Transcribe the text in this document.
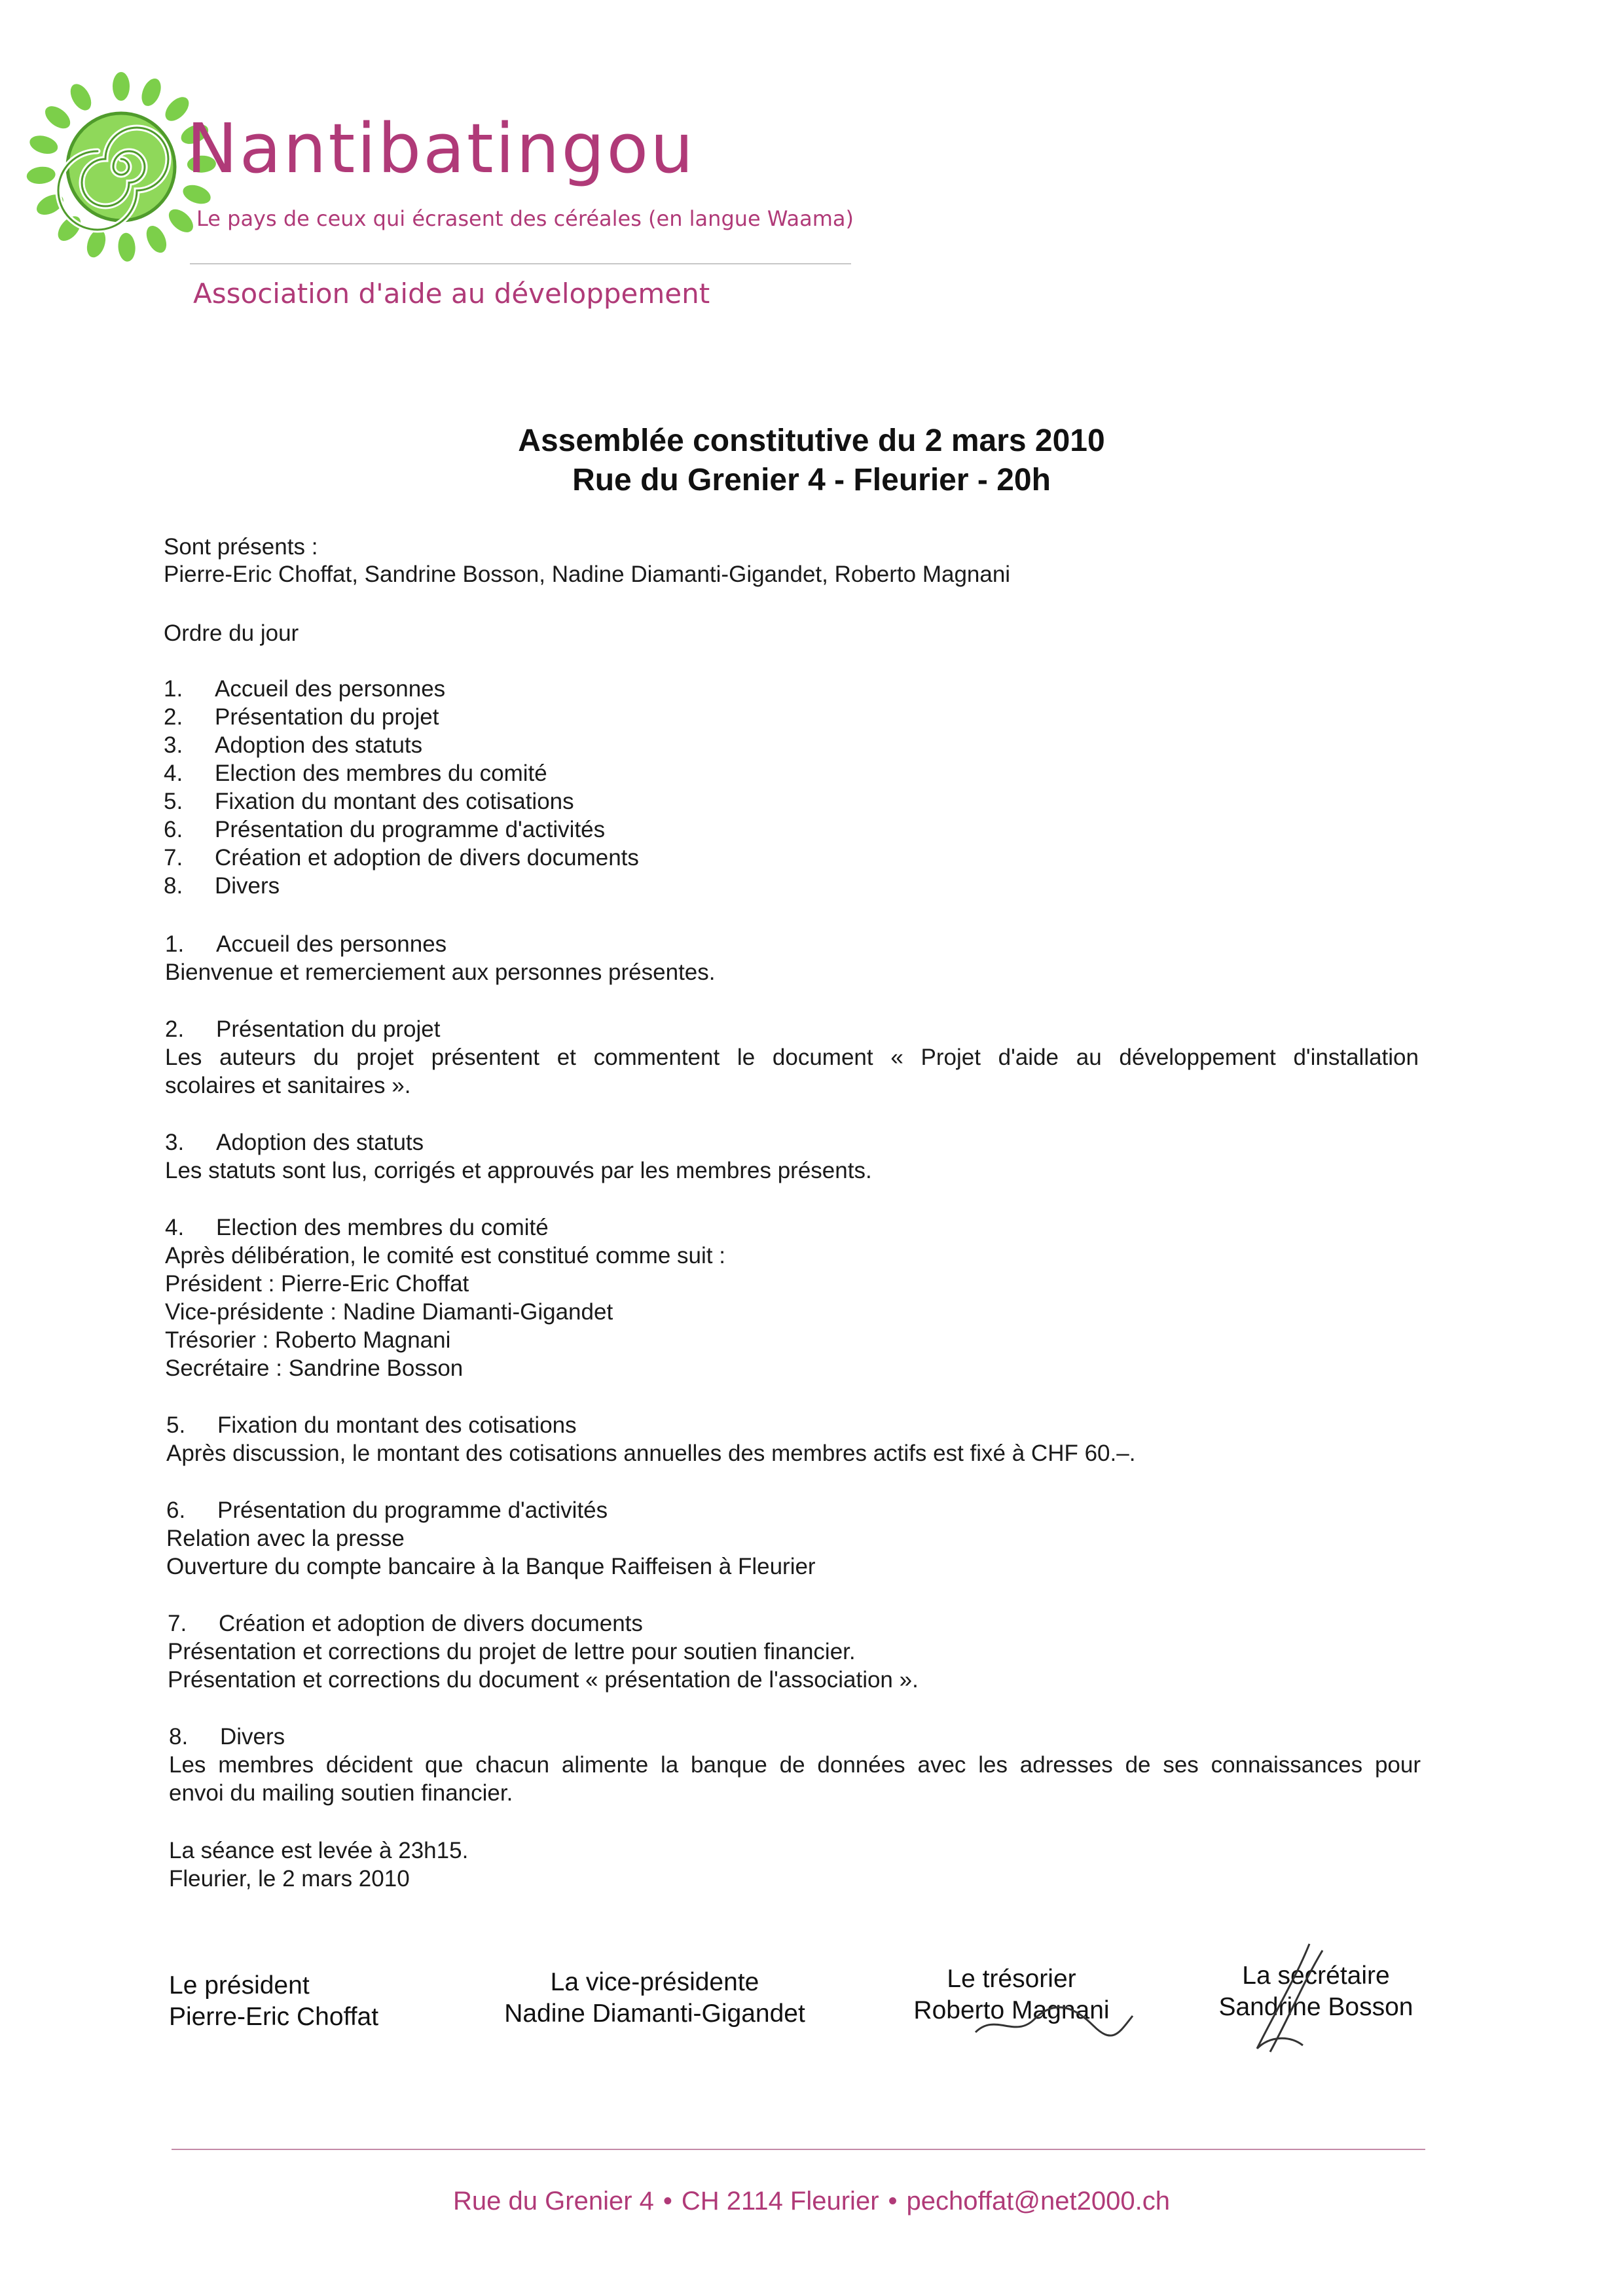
Nantibatingou
Le pays de ceux qui écrasent des céréales (en langue Waama)
Association d'aide au développement
Assemblée constitutive du 2 mars 2010
Rue du Grenier 4 - Fleurier - 20h
Sont présents :
Pierre-Eric Choffat, Sandrine Bosson, Nadine Diamanti-Gigandet, Roberto Magnani
Ordre du jour
1. Accueil des personnes
2. Présentation du projet
3. Adoption des statuts
4. Election des membres du comité
5. Fixation du montant des cotisations
6. Présentation du programme d'activités
7. Création et adoption de divers documents
8. Divers
1. Accueil des personnes
Bienvenue et remerciement aux personnes présentes.
2. Présentation du projet
Les auteurs du projet présentent et commentent le document « Projet d'aide au développement d'installation
scolaires et sanitaires ».
3. Adoption des statuts
Les statuts sont lus, corrigés et approuvés par les membres présents.
4. Election des membres du comité
Après délibération, le comité est constitué comme suit :
Président : Pierre-Eric Choffat
Vice-présidente : Nadine Diamanti-Gigandet
Trésorier : Roberto Magnani
Secrétaire : Sandrine Bosson
5. Fixation du montant des cotisations
Après discussion, le montant des cotisations annuelles des membres actifs est fixé à CHF 60.–.
6. Présentation du programme d'activités
Relation avec la presse
Ouverture du compte bancaire à la Banque Raiffeisen à Fleurier
7. Création et adoption de divers documents
Présentation et corrections du projet de lettre pour soutien financier.
Présentation et corrections du document « présentation de l'association ».
8. Divers
Les membres décident que chacun alimente la banque de données avec les adresses de ses connaissances pour
envoi du mailing soutien financier.
La séance est levée à 23h15.
Fleurier, le 2 mars 2010
Le président
Pierre-Eric Choffat
La vice-présidente
Nadine Diamanti-Gigandet
Le trésorier
Roberto Magnani
La secrétaire
Sandrine Bosson
Rue du Grenier 4 • CH 2114 Fleurier • pechoffat@net2000.ch
